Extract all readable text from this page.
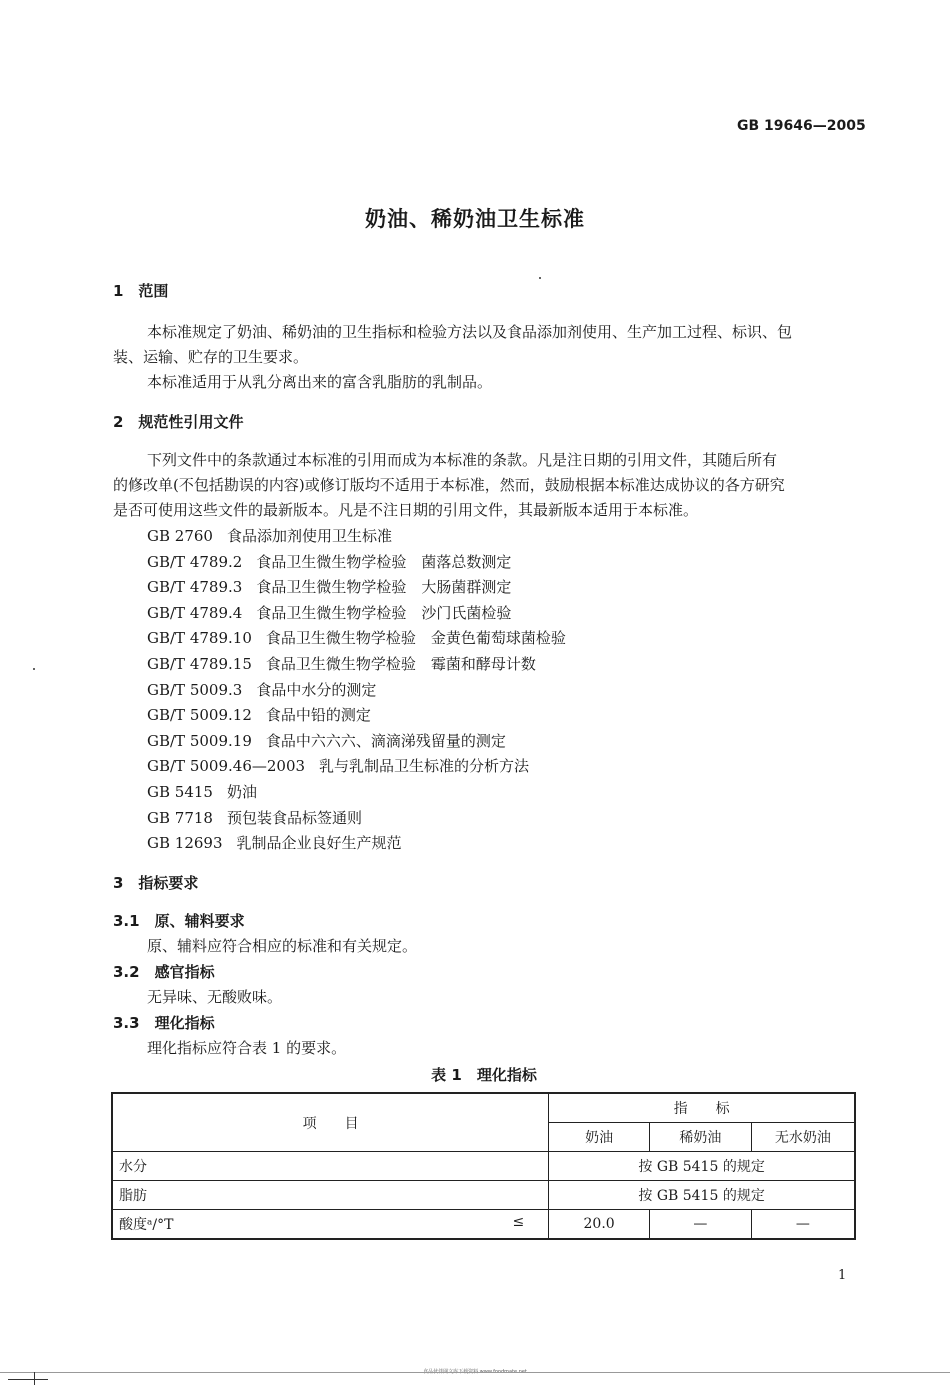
GB 19646—2005
奶油、稀奶油卫生标准
1　范围
本标准规定了奶油、稀奶油的卫生指标和检验方法以及食品添加剂使用、生产加工过程、标识、包
装、运输、贮存的卫生要求。
本标准适用于从乳分离出来的富含乳脂肪的乳制品。
2　规范性引用文件
下列文件中的条款通过本标准的引用而成为本标准的条款。凡是注日期的引用文件，其随后所有
的修改单(不包括勘误的内容)或修订版均不适用于本标准，然而，鼓励根据本标准达成协议的各方研究
是否可使用这些文件的最新版本。凡是不注日期的引用文件，其最新版本适用于本标准。
GB 2760 食品添加剂使用卫生标准
GB/T 4789.2 食品卫生微生物学检验　菌落总数测定
GB/T 4789.3 食品卫生微生物学检验　大肠菌群测定
GB/T 4789.4 食品卫生微生物学检验　沙门氏菌检验
GB/T 4789.10 食品卫生微生物学检验　金黄色葡萄球菌检验
GB/T 4789.15 食品卫生微生物学检验　霉菌和酵母计数
GB/T 5009.3 食品中水分的测定
GB/T 5009.12 食品中铅的测定
GB/T 5009.19 食品中六六六、滴滴涕残留量的测定
GB/T 5009.46—2003 乳与乳制品卫生标准的分析方法
GB 5415 奶油
GB 7718 预包装食品标签通则
GB 12693 乳制品企业良好生产规范
3　指标要求
3.1　原、辅料要求
原、辅料应符合相应的标准和有关规定。
3.2　感官指标
无异味、无酸败味。
3.3　理化指标
理化指标应符合表 1 的要求。
表 1　理化指标
项　　目	指　　标		
	奶油	稀奶油	无水奶油
水分	按 GB 5415 的规定		
脂肪	按 GB 5415 的规定		
酸度ᵃ/°T ≤	20.0	—	—
1
